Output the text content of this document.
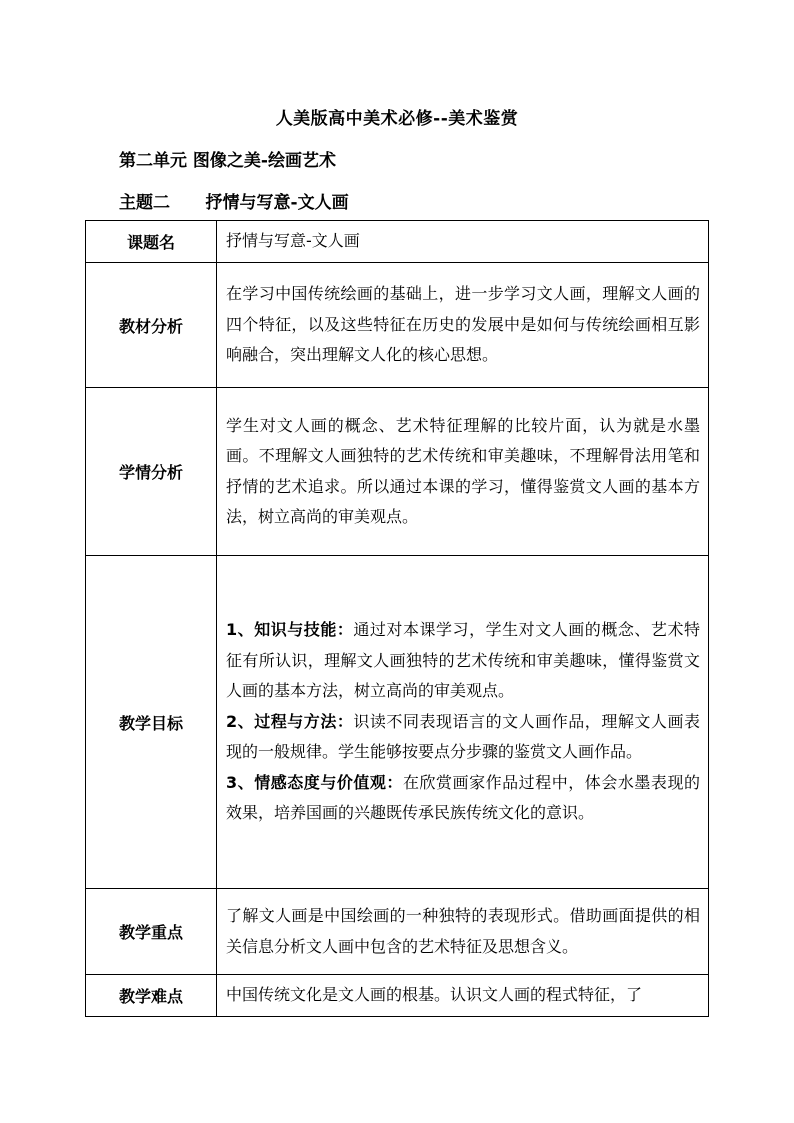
人美版高中美术必修--美术鉴赏
第二单元 图像之美-绘画艺术
主题二      抒情与写意-文人画
课题名	抒情与写意-文人画
教材分析	在学习中国传统绘画的基础上，进一步学习文人画，理解文人画的四个特征，以及这些特征在历史的发展中是如何与传统绘画相互影响融合，突出理解文人化的核心思想。
学情分析	学生对文人画的概念、艺术特征理解的比较片面，认为就是水墨画。不理解文人画独特的艺术传统和审美趣味，不理解骨法用笔和抒情的艺术追求。所以通过本课的学习，懂得鉴赏文人画的基本方法，树立高尚的审美观点。
教学目标	1、知识与技能：通过对本课学习，学生对文人画的概念、艺术特征有所认识，理解文人画独特的艺术传统和审美趣味，懂得鉴赏文人画的基本方法，树立高尚的审美观点。
2、过程与方法：识读不同表现语言的文人画作品，理解文人画表现的一般规律。学生能够按要点分步骤的鉴赏文人画作品。
3、情感态度与价值观：在欣赏画家作品过程中，体会水墨表现的效果，培养国画的兴趣既传承民族传统文化的意识。

教学重点	了解文人画是中国绘画的一种独特的表现形式。借助画面提供的相关信息分析文人画中包含的艺术特征及思想含义。
教学难点	中国传统文化是文人画的根基。认识文人画的程式特征，了
